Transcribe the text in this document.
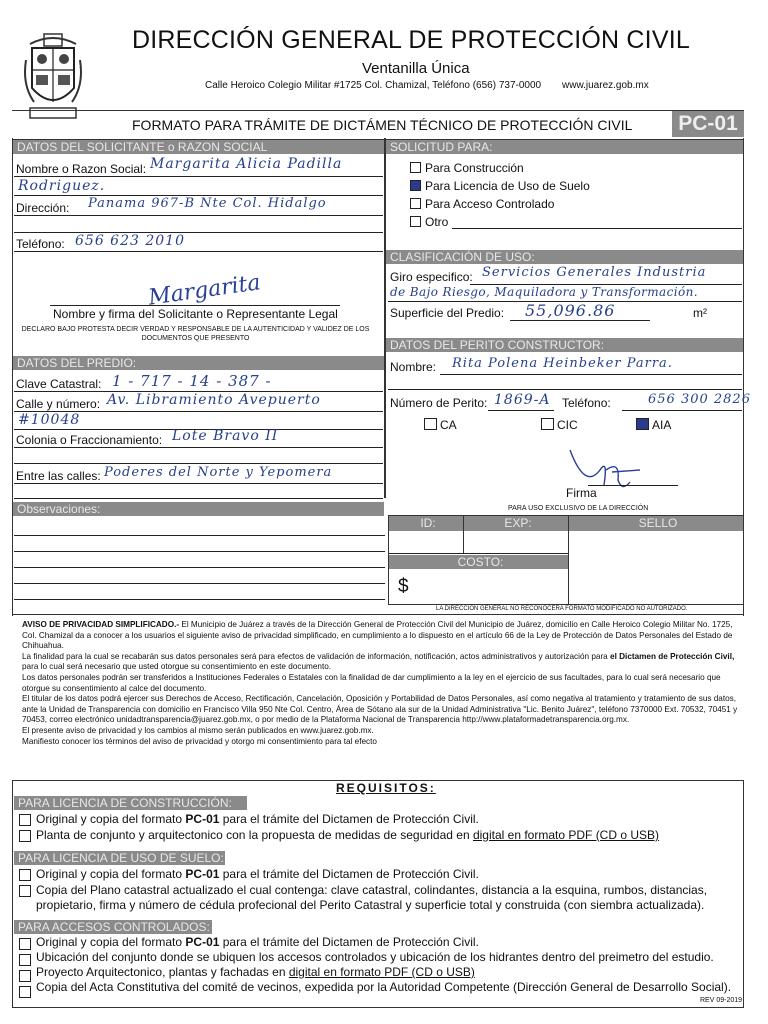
DIRECCIÓN GENERAL DE PROTECCIÓN CIVIL
Ventanilla Única
Calle Heroico Colegio Militar #1725 Col. Chamizal, Teléfono (656) 737-0000 www.juarez.gob.mx
FORMATO PARA TRÁMITE DE DICTÁMEN TÉCNICO DE PROTECCIÓN CIVIL PC-01
DATOS DEL SOLICITANTE o RAZON SOCIAL
Nombre o Razon Social: Margarita Alicia Padilla
Rodriguez.
Dirección: Panama 967-B Nte Col. Hidalgo
Teléfono: 656 623 2010
Margarita
Nombre y firma del Solicitante o Representante Legal
DECLARO BAJO PROTESTA DECIR VERDAD Y RESPONSABLE DE LA AUTENTICIDAD Y VALIDEZ DE LOS DOCUMENTOS QUE PRESENTO
DATOS DEL PREDIO:
Clave Catastral: 1 - 717 - 14 - 387 -
Calle y número: Av. Libramiento Avepuerto
#10048
Colonia o Fraccionamiento: Lote Bravo II
Entre las calles: Poderes del Norte y Yepomera
Observaciones:
SOLICITUD PARA:
Para Construcción
Para Licencia de Uso de Suelo
Para Acceso Controlado
Otro
CLASIFICACIÓN DE USO:
Giro especifico: Servicios Generales Industria
de Bajo Riesgo, Maquiladora y Transformación.
Superficie del Predio: 55,096.86	m²
DATOS DEL PERITO CONSTRUCTOR:
Nombre: Rita Polena Heinbeker Parra.
Número de Perito: 1869-A Teléfono:	656 300 2826
CA	CIC	AIA
Firma
PARA USO EXCLUSIVO DE LA DIRECCIÓN
ID:	EXP:	SELLO
COSTO:
$
LA DIRECCIÓN GENERAL NO RECONOCERA FORMATO MODIFICADO NO AUTORIZADO.
AVISO DE PRIVACIDAD SIMPLIFICADO.- El Municipio de Juárez a través de la Dirección General de Protección Civil del Municipio de Juárez, domicilio en Calle Heroico Colegio Militar No. 1725, Col. Chamizal da a conocer a los usuarios el siguiente aviso de privacidad simplificado, en cumplimiento a lo dispuesto en el artículo 66 de la Ley de Protección de Datos Personales del Estado de Chihuahua.
La finalidad para la cual se recabarán sus datos personales será para efectos de validación de información, notificación, actos administrativos y autorización para el Dictamen de Protección Civil, para lo cual será necesario que usted otorgue su consentimiento en este documento.
Los datos personales podrán ser transferidos a Instituciones Federales o Estatales con la finalidad de dar cumplimiento a la ley en el ejercicio de sus facultades, para lo cual será necesario que otorgue su consentimiento al calce del documento.
El titular de los datos podrá ejercer sus Derechos de Acceso, Rectificación, Cancelación, Oposición y Portabilidad de Datos Personales, así como negativa al tratamiento y tratamiento de sus datos, ante la Unidad de Transparencia con domicilio en Francisco Villa 950 Nte Col. Centro, Área de Sótano ala sur de la Unidad Administrativa "Lic. Benito Juárez", teléfono 7370000 Ext. 70532, 70451 y 70453, correo electrónico unidadtransparencia@juarez.gob.mx, o por medio de la Plataforma Nacional de Transparencia http://www.plataformadetransparencia.org.mx.
El presente aviso de privacidad y los cambios al mismo serán publicados en www.juarez.gob.mx.
Manifiesto conocer los términos del aviso de privacidad y otorgo mi consentimiento para tal efecto
REQUISITOS:
PARA LICENCIA DE CONSTRUCCIÓN:
Original y copia del formato PC-01 para el trámite del Dictamen de Protección Civil.
Planta de conjunto y arquitectonico con la propuesta de medidas de seguridad en digital en formato PDF (CD o USB)
PARA LICENCIA DE USO DE SUELO:
Original y copia del formato PC-01 para el trámite del Dictamen de Protección Civil.
Copia del Plano catastral actualizado el cual contenga: clave catastral, colindantes, distancia a la esquina, rumbos, distancias,
propietario, firma y número de cédula profecional del Perito Catastral y superficie total y construida (con siembra actualizada).
PARA ACCESOS CONTROLADOS:
Original y copia del formato PC-01 para el trámite del Dictamen de Protección Civil.
Ubicación del conjunto donde se ubiquen los accesos controlados y ubicación de los hidrantes dentro del preimetro del estudio.
Proyecto Arquitectonico, plantas y fachadas en digital en formato PDF (CD o USB)
Copia del Acta Constitutiva del comité de vecinos, expedida por la Autoridad Competente (Dirección General de Desarrollo Social).
REV 09-2019
